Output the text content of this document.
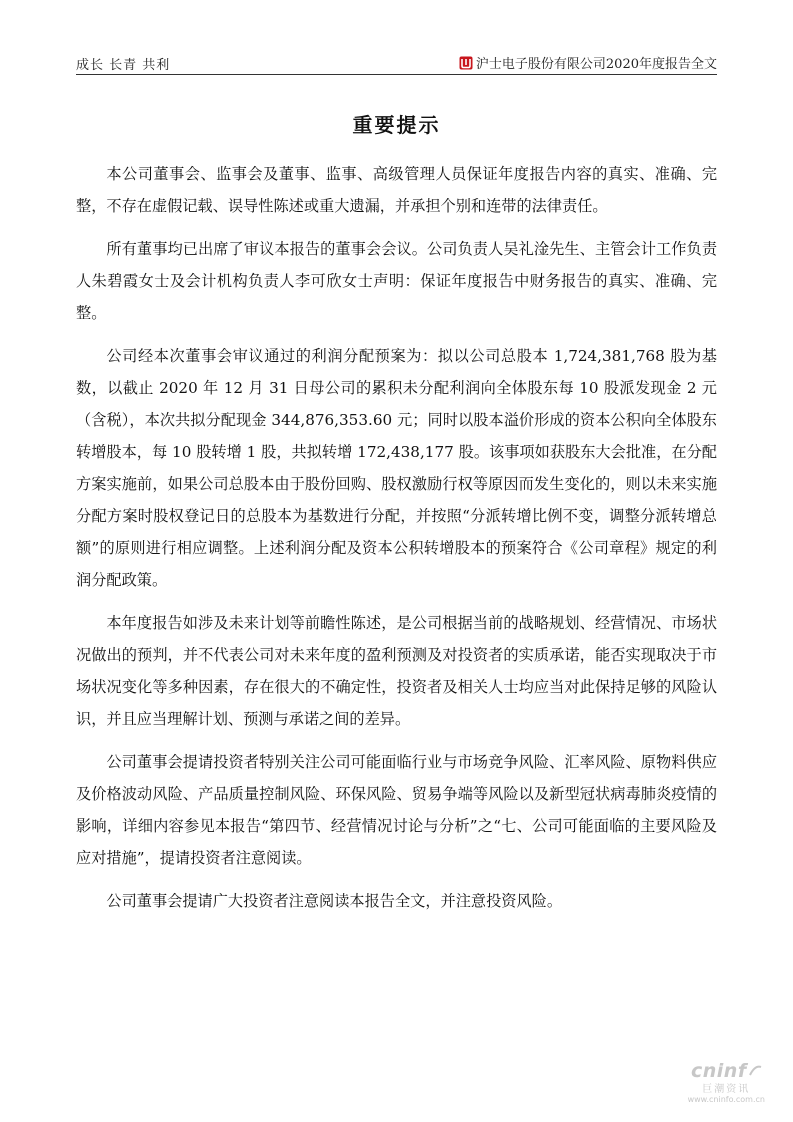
成长 长青 共利	沪士电子股份有限公司2020年度报告全文
重要提示

本公司董事会、监事会及董事、监事、高级管理人员保证年度报告内容的真实、准确、完整，不存在虚假记载、误导性陈述或重大遗漏，并承担个别和连带的法律责任。

所有董事均已出席了审议本报告的董事会会议。公司负责人吴礼淦先生、主管会计工作负责人朱碧霞女士及会计机构负责人李可欣女士声明：保证年度报告中财务报告的真实、准确、完整。

公司经本次董事会审议通过的利润分配预案为：拟以公司总股本 1,724,381,768 股为基数，以截止 2020 年 12 月 31 日母公司的累积未分配利润向全体股东每 10 股派发现金 2 元（含税），本次共拟分配现金 344,876,353.60 元；同时以股本溢价形成的资本公积向全体股东转增股本，每 10 股转增 1 股，共拟转增 172,438,177 股。该事项如获股东大会批准，在分配方案实施前，如果公司总股本由于股份回购、股权激励行权等原因而发生变化的，则以未来实施分配方案时股权登记日的总股本为基数进行分配，并按照“分派转增比例不变，调整分派转增总额”的原则进行相应调整。上述利润分配及资本公积转增股本的预案符合《公司章程》规定的利润分配政策。

本年度报告如涉及未来计划等前瞻性陈述，是公司根据当前的战略规划、经营情况、市场状况做出的预判，并不代表公司对未来年度的盈利预测及对投资者的实质承诺，能否实现取决于市场状况变化等多种因素，存在很大的不确定性，投资者及相关人士均应当对此保持足够的风险认识，并且应当理解计划、预测与承诺之间的差异。

公司董事会提请投资者特别关注公司可能面临行业与市场竞争风险、汇率风险、原物料供应及价格波动风险、产品质量控制风险、环保风险、贸易争端等风险以及新型冠状病毒肺炎疫情的影响，详细内容参见本报告“第四节、经营情况讨论与分析”之“七、公司可能面临的主要风险及应对措施”，提请投资者注意阅读。

公司董事会提请广大投资者注意阅读本报告全文，并注意投资风险。

cninf
巨潮资讯
www.cninfo.com.cn
